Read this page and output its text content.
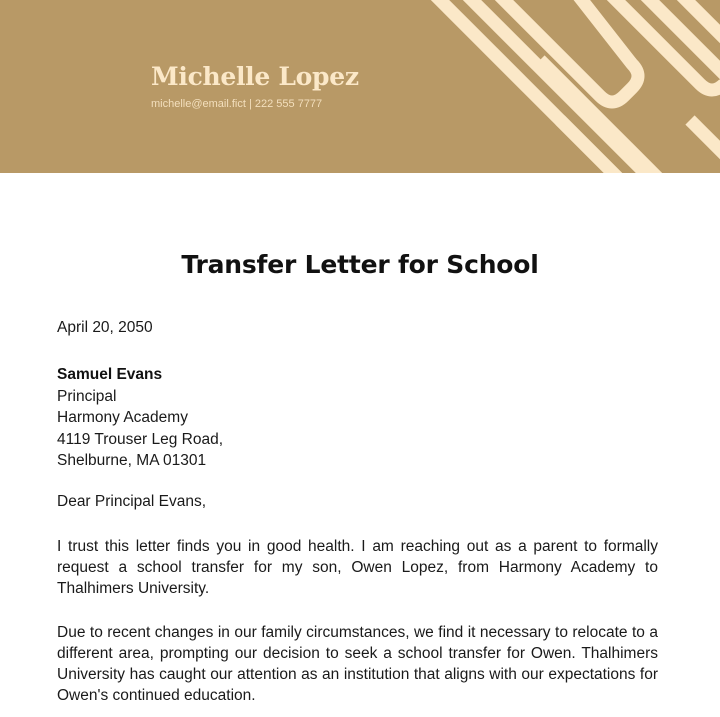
Michelle Lopez
michelle@email.fict | 222 555 7777
Transfer Letter for School
April 20, 2050
Samuel Evans
Principal
Harmony Academy
4119 Trouser Leg Road,
Shelburne, MA 01301
Dear Principal Evans,

I trust this letter finds you in good health. I am reaching out as a parent to formally request a school transfer for my son, Owen Lopez, from Harmony Academy to Thalhimers University.

Due to recent changes in our family circumstances, we find it necessary to relocate to a different area, prompting our decision to seek a school transfer for Owen. Thalhimers University has caught our attention as an institution that aligns with our expectations for Owen's continued education.
